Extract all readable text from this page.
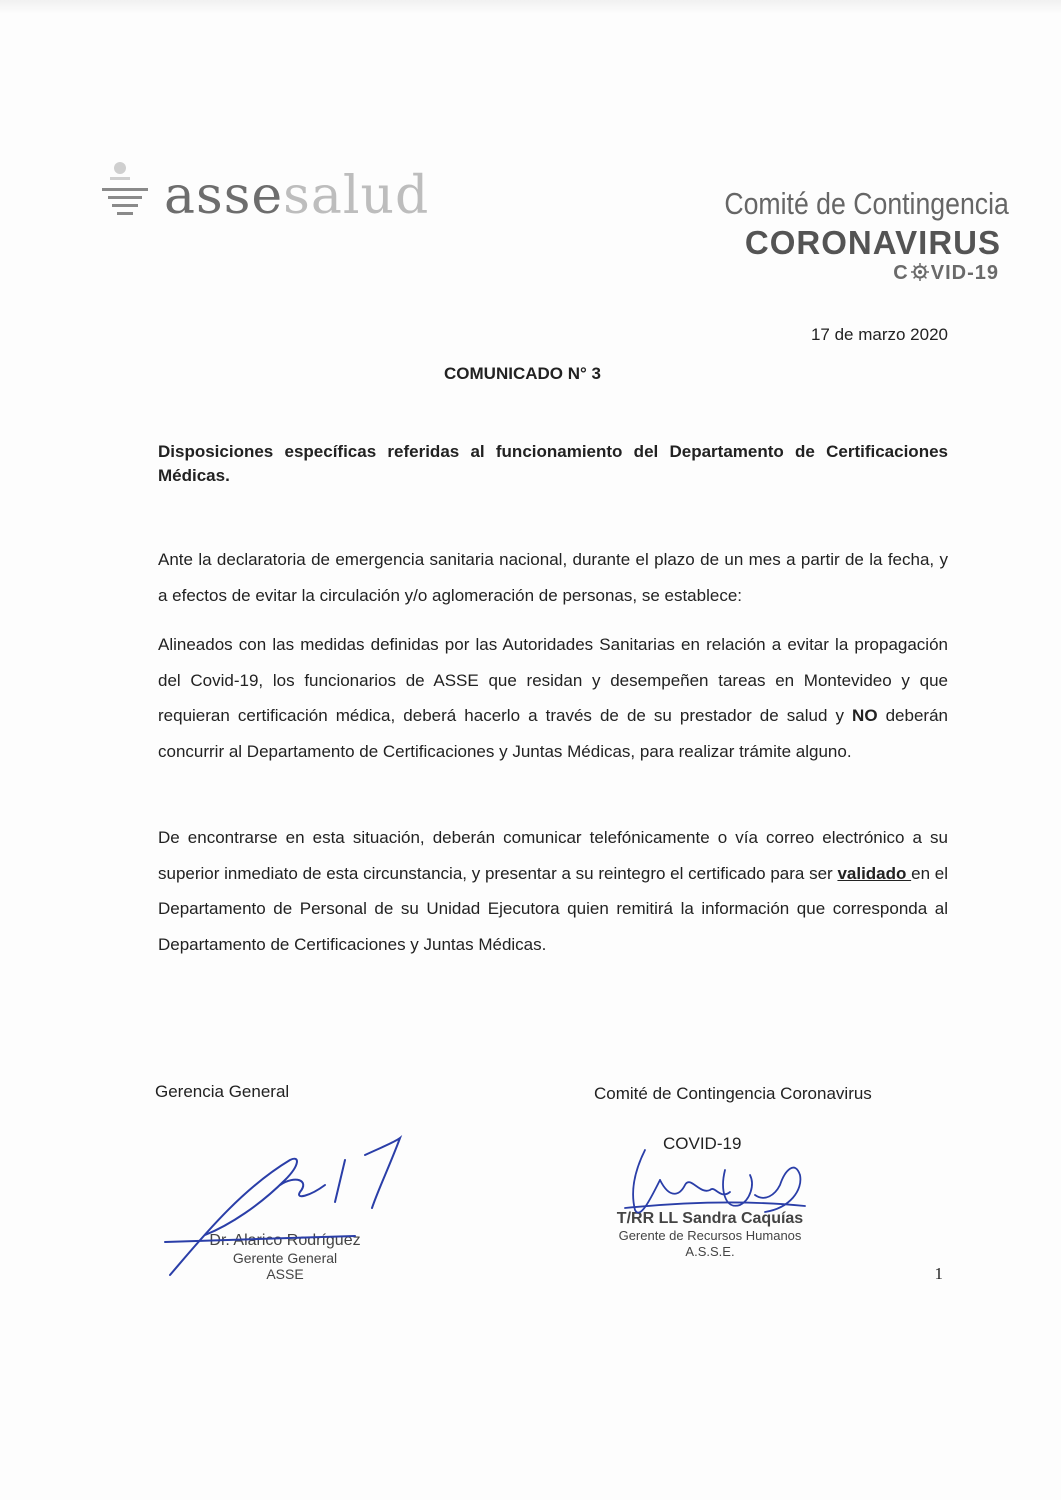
assesalud	Comité de Contingencia
CORONAVIRUS
C VID-19
17 de marzo 2020
COMUNICADO N° 3
Disposiciones específicas referidas al funcionamiento del Departamento de Certificaciones Médicas.
Ante la declaratoria de emergencia sanitaria nacional, durante el plazo de un mes a partir de la fecha, y a efectos de evitar la circulación y/o aglomeración de personas, se establece:
Alineados con las medidas definidas por las Autoridades Sanitarias en relación a evitar la propagación del Covid-19, los funcionarios de ASSE que residan y desempeñen tareas en Montevideo y que requieran certificación médica, deberá hacerlo a través de de su prestador de salud y NO deberán concurrir al Departamento de Certificaciones y Juntas Médicas, para realizar trámite alguno.
De encontrarse en esta situación, deberán comunicar telefónicamente o vía correo electrónico a su superior inmediato de esta circunstancia, y presentar a su reintegro el certificado para ser validado en el Departamento de Personal de su Unidad Ejecutora quien remitirá la información que corresponda al Departamento de Certificaciones y Juntas Médicas.
Gerencia General	Comité de Contingencia Coronavirus
COVID-19
Dr. Alarico Rodríguez
Gerente General
ASSE
T/RR LL Sandra Caquías
Gerente de Recursos Humanos
A.S.S.E.
1
